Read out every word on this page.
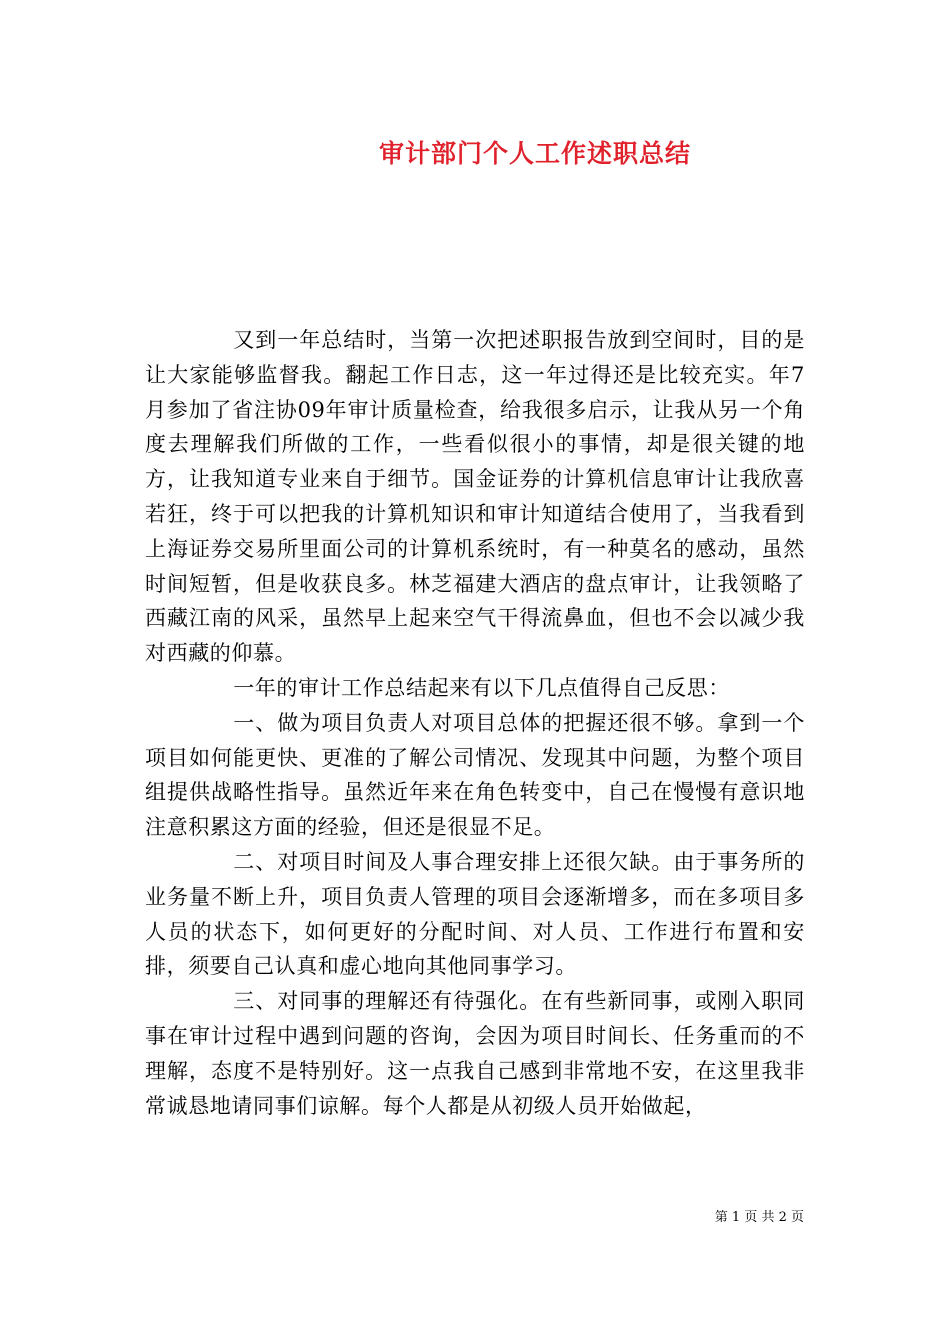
审计部门个人工作述职总结

又到一年总结时，当第一次把述职报告放到空间时，目的是让大家能够监督我。翻起工作日志，这一年过得还是比较充实。年7月参加了省注协09年审计质量检查，给我很多启示，让我从另一个角度去理解我们所做的工作，一些看似很小的事情，却是很关键的地方，让我知道专业来自于细节。国金证券的计算机信息审计让我欣喜若狂，终于可以把我的计算机知识和审计知道结合使用了，当我看到上海证券交易所里面公司的计算机系统时，有一种莫名的感动，虽然时间短暂，但是收获良多。林芝福建大酒店的盘点审计，让我领略了西藏江南的风采，虽然早上起来空气干得流鼻血，但也不会以减少我对西藏的仰慕。

一年的审计工作总结起来有以下几点值得自己反思：

一、做为项目负责人对项目总体的把握还很不够。拿到一个项目如何能更快、更准的了解公司情况、发现其中问题，为整个项目组提供战略性指导。虽然近年来在角色转变中，自己在慢慢有意识地注意积累这方面的经验，但还是很显不足。

二、对项目时间及人事合理安排上还很欠缺。由于事务所的业务量不断上升，项目负责人管理的项目会逐渐增多，而在多项目多人员的状态下，如何更好的分配时间、对人员、工作进行布置和安排，须要自己认真和虚心地向其他同事学习。

三、对同事的理解还有待强化。在有些新同事，或刚入职同事在审计过程中遇到问题的咨询，会因为项目时间长、任务重而的不理解，态度不是特别好。这一点我自己感到非常地不安，在这里我非常诚恳地请同事们谅解。每个人都是从初级人员开始做起，

第 1 页 共 2 页
